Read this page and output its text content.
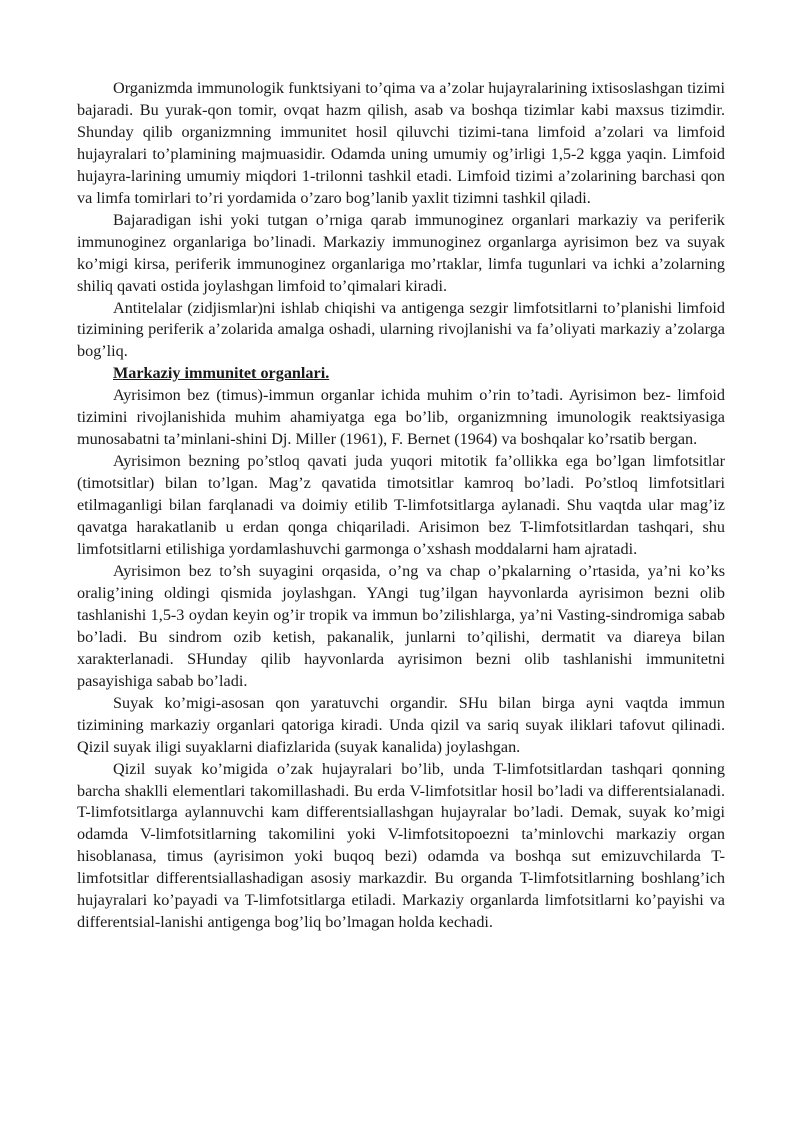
Organizmda immunologik funktsiyani to’qima va a’zolar hujayralarining ixtisoslashgan tizimi bajaradi. Bu yurak-qon tomir, ovqat hazm qilish, asab va boshqa tizimlar kabi maxsus tizimdir. Shunday qilib organizmning immunitet hosil qiluvchi tizimi-tana limfoid a’zolari va limfoid hujayralari to’plamining majmuasidir. Odamda uning umumiy og’irligi 1,5-2 kgga yaqin. Limfoid hujayra-larining umumiy miqdori 1-trilonni tashkil etadi. Limfoid tizimi a’zolarining barchasi qon va limfa tomirlari to’ri yordamida o’zaro bog’lanib yaxlit tizimni tashkil qiladi.

Bajaradigan ishi yoki tutgan o’rniga qarab immunoginez organlari markaziy va periferik immunoginez organlariga bo’linadi. Markaziy immunoginez organlarga ayrisimon bez va suyak ko’migi kirsa, periferik immunoginez organlariga mo’rtaklar, limfa tugunlari va ichki a’zolarning shiliq qavati ostida joylashgan limfoid to’qimalari kiradi.

Antitelalar (zidjismlar)ni ishlab chiqishi va antigenga sezgir limfotsitlarni to’planishi limfoid tizimining periferik a’zolarida amalga oshadi, ularning rivojlanishi va fa’oliyati markaziy a’zolarga bog’liq.

Markaziy immunitet organlari.

Ayrisimon bez (timus)-immun organlar ichida muhim o’rin to’tadi. Ayrisimon bez- limfoid tizimini rivojlanishida muhim ahamiyatga ega bo’lib, organizmning imunologik reaktsiyasiga munosabatni ta’minlani-shini Dj. Miller (1961), F. Bernet (1964) va boshqalar ko’rsatib bergan.

Ayrisimon bezning po’stloq qavati juda yuqori mitotik fa’ollikka ega bo’lgan limfotsitlar (timotsitlar) bilan to’lgan. Mag’z qavatida timotsitlar kamroq bo’ladi. Po’stloq limfotsitlari etilmaganligi bilan farqlanadi va doimiy etilib T-limfotsitlarga aylanadi. Shu vaqtda ular mag’iz qavatga harakatlanib u erdan qonga chiqariladi. Arisimon bez T-limfotsitlardan tashqari, shu limfotsitlarni etilishiga yordamlashuvchi garmonga o’xshash moddalarni ham ajratadi.

Ayrisimon bez to’sh suyagini orqasida, o’ng va chap o’pkalarning o’rtasida, ya’ni ko’ks oralig’ining oldingi qismida joylashgan. YAngi tug’ilgan hayvonlarda ayrisimon bezni olib tashlanishi 1,5-3 oydan keyin og’ir tropik va immun bo’zilishlarga, ya’ni Vasting-sindromiga sabab bo’ladi. Bu sindrom ozib ketish, pakanalik, junlarni to’qilishi, dermatit va diareya bilan xarakterlanadi. SHunday qilib hayvonlarda ayrisimon bezni olib tashlanishi immunitetni pasayishiga sabab bo’ladi.

Suyak ko’migi-asosan qon yaratuvchi organdir. SHu bilan birga ayni vaqtda immun tizimining markaziy organlari qatoriga kiradi. Unda qizil va sariq suyak iliklari tafovut qilinadi. Qizil suyak iligi suyaklarni diafizlarida (suyak kanalida) joylashgan.

Qizil suyak ko’migida o’zak hujayralari bo’lib, unda T-limfotsitlardan tashqari qonning barcha shaklli elementlari takomillashadi. Bu erda V-limfotsitlar hosil bo’ladi va differentsialanadi. T-limfotsitlarga aylannuvchi kam differentsiallashgan hujayralar bo’ladi. Demak, suyak ko’migi odamda V-limfotsitlarning takomilini yoki V-limfotsitopoezni ta’minlovchi markaziy organ hisoblanasa, timus (ayrisimon yoki buqoq bezi) odamda va boshqa sut emizuvchilarda T-limfotsitlar differentsiallashadigan asosiy markazdir. Bu organda T-limfotsitlarning boshlang’ich hujayralari ko’payadi va T-limfotsitlarga etiladi. Markaziy organlarda limfotsitlarni ko’payishi va differentsial-lanishi antigenga bog’liq bo’lmagan holda kechadi.
